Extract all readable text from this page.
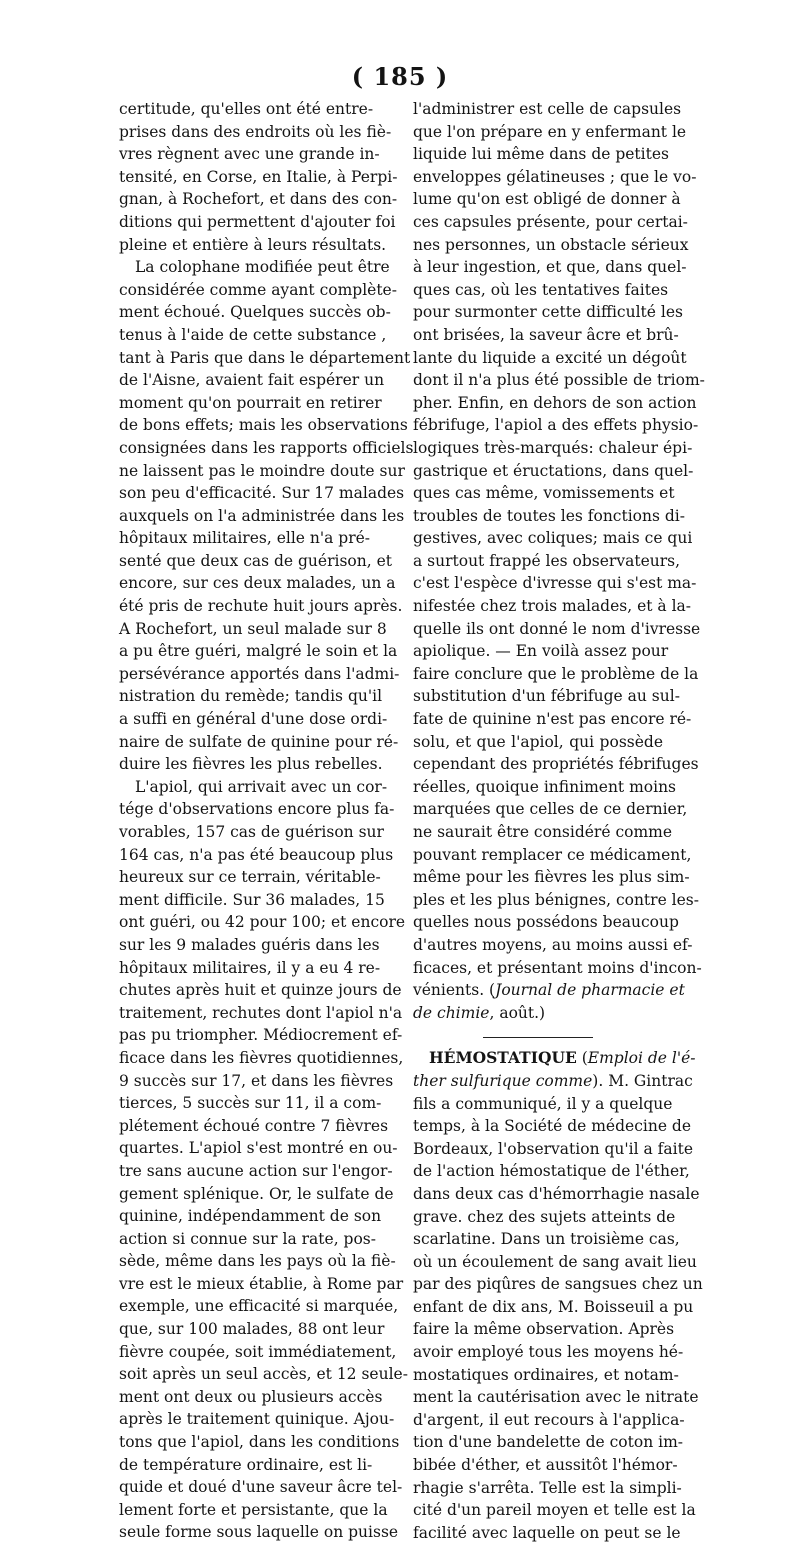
( 185 )

certitude, qu'elles ont été entre-
prises dans des endroits où les fiè-
vres règnent avec une grande in-
tensité, en Corse, en Italie, à Perpi-
gnan, à Rochefort, et dans des con-
ditions qui permettent d'ajouter foi
pleine et entière à leurs résultats.

La colophane modifiée peut être
considérée comme ayant complète-
ment échoué. Quelques succès ob-
tenus à l'aide de cette substance ,
tant à Paris que dans le département
de l'Aisne, avaient fait espérer un
moment qu'on pourrait en retirer
de bons effets; mais les observations
consignées dans les rapports officiels
ne laissent pas le moindre doute sur
son peu d'efficacité. Sur 17 malades
auxquels on l'a administrée dans les
hôpitaux militaires, elle n'a pré-
senté que deux cas de guérison, et
encore, sur ces deux malades, un a
été pris de rechute huit jours après.
A Rochefort, un seul malade sur 8
a pu être guéri, malgré le soin et la
persévérance apportés dans l'admi-
nistration du remède; tandis qu'il
a suffi en général d'une dose ordi-
naire de sulfate de quinine pour ré-
duire les fièvres les plus rebelles.

L'apiol, qui arrivait avec un cor-
tége d'observations encore plus fa-
vorables, 157 cas de guérison sur
164 cas, n'a pas été beaucoup plus
heureux sur ce terrain, véritable-
ment difficile. Sur 36 malades, 15
ont guéri, ou 42 pour 100; et encore
sur les 9 malades guéris dans les
hôpitaux militaires, il y a eu 4 re-
chutes après huit et quinze jours de
traitement, rechutes dont l'apiol n'a
pas pu triompher. Médiocrement ef-
ficace dans les fièvres quotidiennes,
9 succès sur 17, et dans les fièvres
tierces, 5 succès sur 11, il a com-
plétement échoué contre 7 fièvres
quartes. L'apiol s'est montré en ou-
tre sans aucune action sur l'engor-
gement splénique. Or, le sulfate de
quinine, indépendamment de son
action si connue sur la rate, pos-
sède, même dans les pays où la fiè-
vre est le mieux établie, à Rome par
exemple, une efficacité si marquée,
que, sur 100 malades, 88 ont leur
fièvre coupée, soit immédiatement,
soit après un seul accès, et 12 seule-
ment ont deux ou plusieurs accès
après le traitement quinique. Ajou-
tons que l'apiol, dans les conditions
de température ordinaire, est li-
quide et doué d'une saveur âcre tel-
lement forte et persistante, que la
seule forme sous laquelle on puisse

l'administrer est celle de capsules
que l'on prépare en y enfermant le
liquide lui même dans de petites
enveloppes gélatineuses ; que le vo-
lume qu'on est obligé de donner à
ces capsules présente, pour certai-
nes personnes, un obstacle sérieux
à leur ingestion, et que, dans quel-
ques cas, où les tentatives faites
pour surmonter cette difficulté les
ont brisées, la saveur âcre et brû-
lante du liquide a excité un dégoût
dont il n'a plus été possible de triom-
pher. Enfin, en dehors de son action
fébrifuge, l'apiol a des effets physio-
logiques très-marqués: chaleur épi-
gastrique et éructations, dans quel-
ques cas même, vomissements et
troubles de toutes les fonctions di-
gestives, avec coliques; mais ce qui
a surtout frappé les observateurs,
c'est l'espèce d'ivresse qui s'est ma-
nifestée chez trois malades, et à la-
quelle ils ont donné le nom d'ivresse
apiolique. — En voilà assez pour
faire conclure que le problème de la
substitution d'un fébrifuge au sul-
fate de quinine n'est pas encore ré-
solu, et que l'apiol, qui possède
cependant des propriétés fébrifuges
réelles, quoique infiniment moins
marquées que celles de ce dernier,
ne saurait être considéré comme
pouvant remplacer ce médicament,
même pour les fièvres les plus sim-
ples et les plus bénignes, contre les-
quelles nous possédons beaucoup
d'autres moyens, au moins aussi ef-
ficaces, et présentant moins d'incon-
vénients. (Journal de pharmacie et
de chimie, août.)

HÉMOSTATIQUE (Emploi de l'é-
ther sulfurique comme). M. Gintrac
fils a communiqué, il y a quelque
temps, à la Société de médecine de
Bordeaux, l'observation qu'il a faite
de l'action hémostatique de l'éther,
dans deux cas d'hémorrhagie nasale
grave. chez des sujets atteints de
scarlatine. Dans un troisième cas,
où un écoulement de sang avait lieu
par des piqûres de sangsues chez un
enfant de dix ans, M. Boisseuil a pu
faire la même observation. Après
avoir employé tous les moyens hé-
mostatiques ordinaires, et notam-
ment la cautérisation avec le nitrate
d'argent, il eut recours à l'applica-
tion d'une bandelette de coton im-
bibée d'éther, et aussitôt l'hémor-
rhagie s'arrêta. Telle est la simpli-
cité d'un pareil moyen et telle est la
facilité avec laquelle on peut se le
